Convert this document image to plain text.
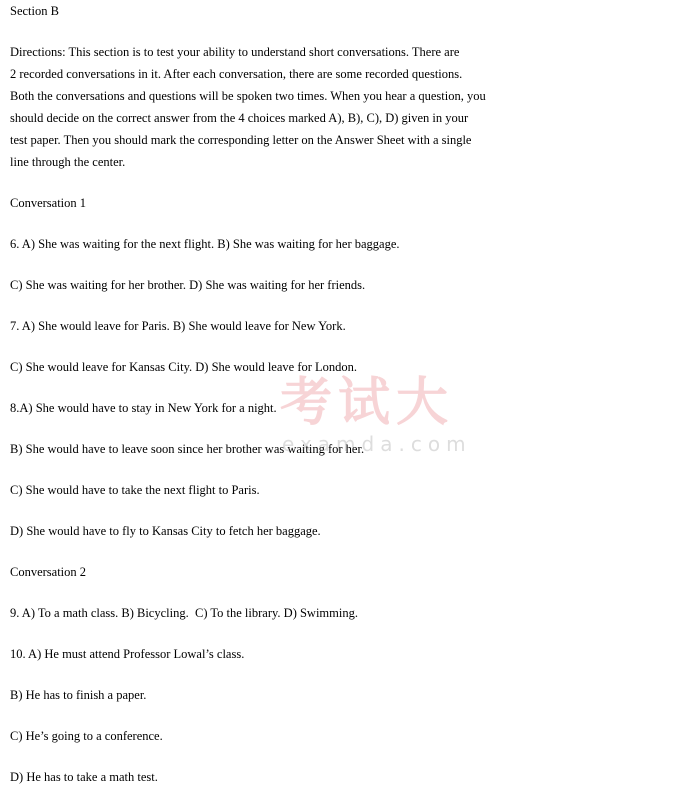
Section B
Directions: This section is to test your ability to understand short conversations. There are
2 recorded conversations in it. After each conversation, there are some recorded questions.
Both the conversations and questions will be spoken two times. When you hear a question, you
should decide on the correct answer from the 4 choices marked A), B), C), D) given in your
test paper. Then you should mark the corresponding letter on the Answer Sheet with a single
line through the center.
Conversation 1
6. A) She was waiting for the next flight. B) She was waiting for her baggage.
C) She was waiting for her brother. D) She was waiting for her friends.
7. A) She would leave for Paris. B) She would leave for New York.
C) She would leave for Kansas City. D) She would leave for London.
8.A) She would have to stay in New York for a night.
B) She would have to leave soon since her brother was waiting for her.
C) She would have to take the next flight to Paris.
D) She would have to fly to Kansas City to fetch her baggage.
Conversation 2
9. A) To a math class. B) Bicycling.  C) To the library. D) Swimming.
10. A) He must attend Professor Lowal’s class.
B) He has to finish a paper.
C) He’s going to a conference.
D) He has to take a math test.
考试大
examda.com
